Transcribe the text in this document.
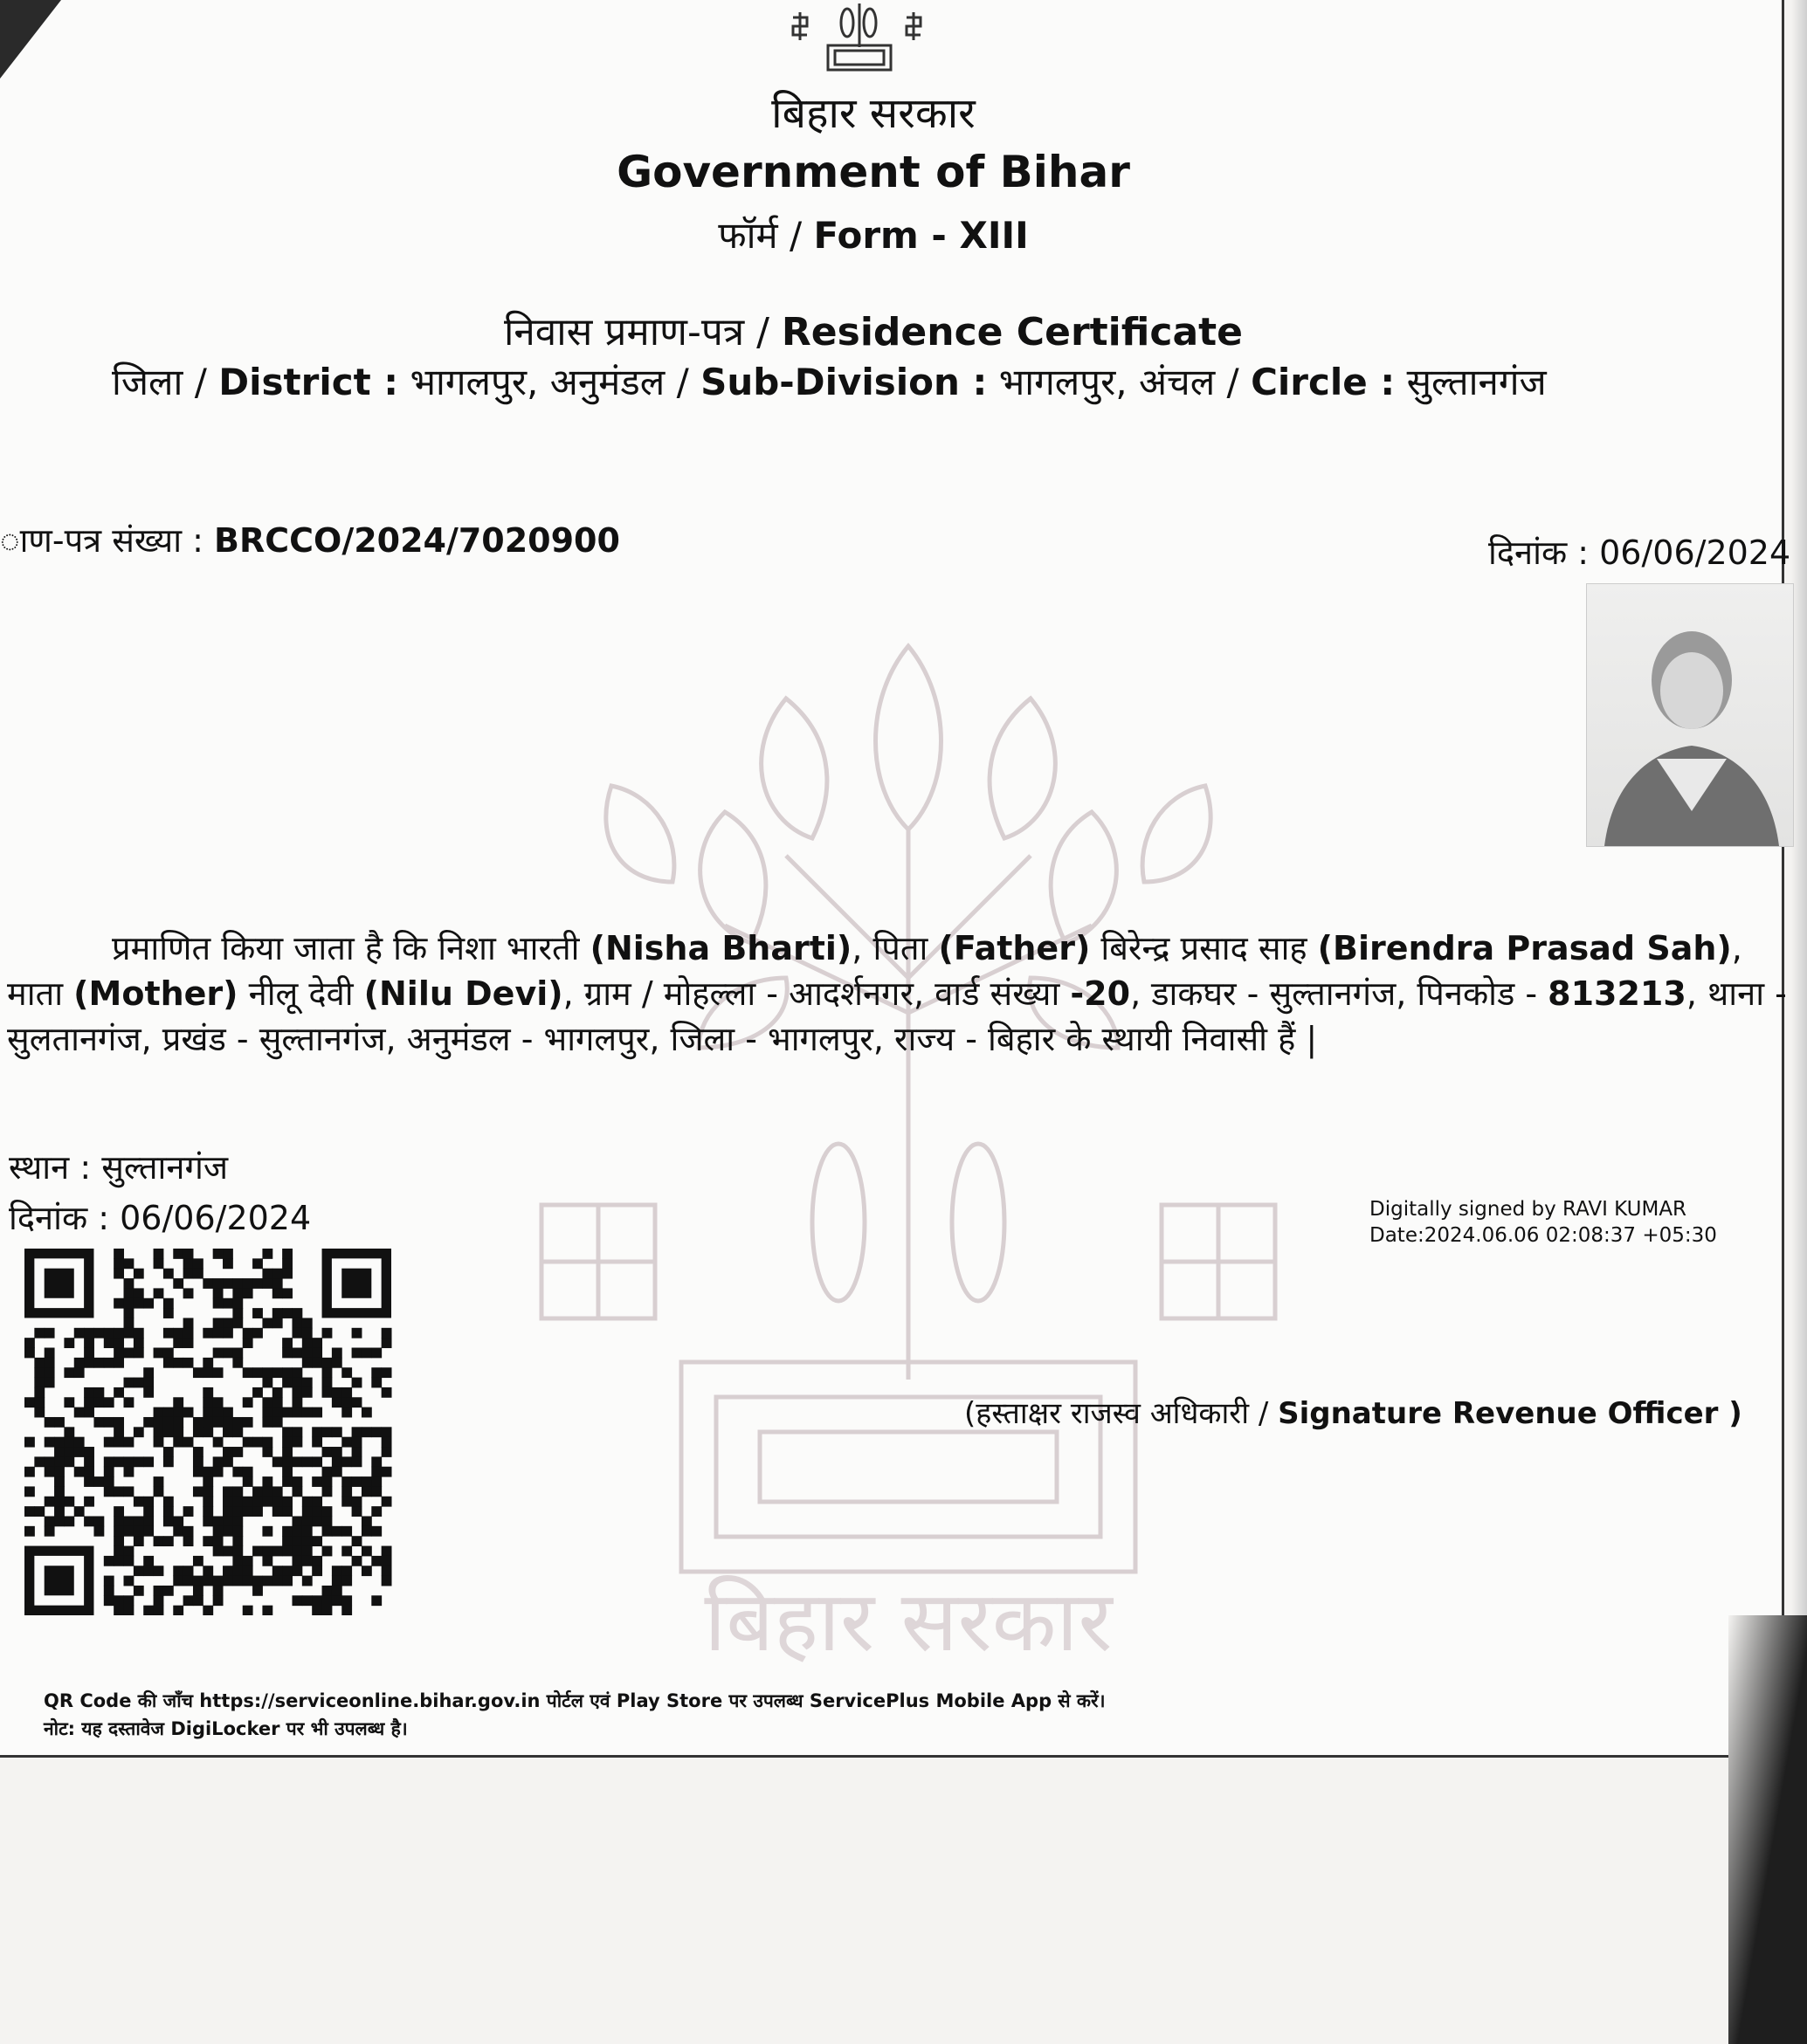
बिहार सरकार
Government of Bihar
फॉर्म / Form - XIII
निवास प्रमाण-पत्र / Residence Certificate
जिला / District : भागलपुर, अनुमंडल / Sub-Division : भागलपुर, अंचल / Circle : सुल्तानगंज
ाण-पत्र संख्या : BRCCO/2024/7020900	दिनांक : 06/06/2024
बिहार सरकार
प्रमाणित किया जाता है कि निशा भारती (Nisha Bharti), पिता (Father) बिरेन्द्र प्रसाद साह (Birendra Prasad Sah), माता (Mother) नीलू देवी (Nilu Devi), ग्राम / मोहल्ला - आदर्शनगर, वार्ड संख्या -20, डाकघर - सुल्तानगंज, पिनकोड - 813213, थाना - सुलतानगंज, प्रखंड - सुल्तानगंज, अनुमंडल - भागलपुर, जिला - भागलपुर, राज्य - बिहार के स्थायी निवासी हैं |
स्थान : सुल्तानगंज
दिनांक : 06/06/2024	Digitally signed by RAVI KUMAR
Date:2024.06.06 02:08:37 +05:30
(हस्ताक्षर राजस्व अधिकारी / Signature Revenue Officer )
QR Code की जाँच https://serviceonline.bihar.gov.in पोर्टल एवं Play Store पर उपलब्ध ServicePlus Mobile App से करें।
नोट: यह दस्तावेज DigiLocker पर भी उपलब्ध है।
